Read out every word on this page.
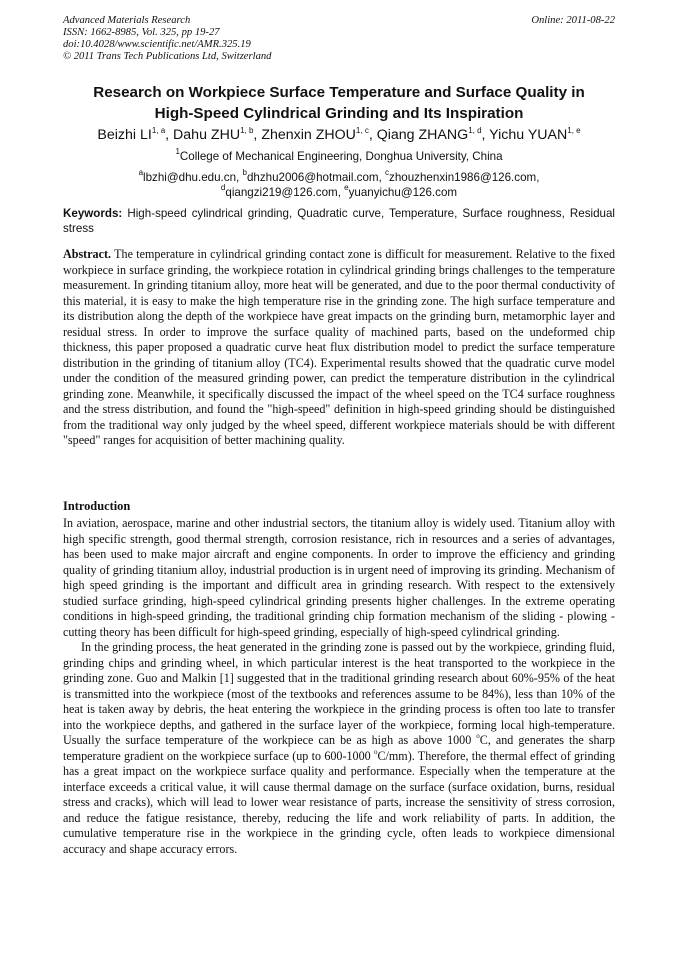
Advanced Materials Research
ISSN: 1662-8985, Vol. 325, pp 19-27
doi:10.4028/www.scientific.net/AMR.325.19
© 2011 Trans Tech Publications Ltd, Switzerland
Online: 2011-08-22
Research on Workpiece Surface Temperature and Surface Quality in
High-Speed Cylindrical Grinding and Its Inspiration
Beizhi LI$^{1, a}$, Dahu ZHU$^{1, b}$, Zhenxin ZHOU$^{1, c}$, Qiang ZHANG$^{1, d}$, Yichu YUAN$^{1, e}$
$^1$College of Mechanical Engineering, Donghua University, China
$^a$lbzhi@dhu.edu.cn, $^b$dhzhu2006@hotmail.com, $^c$zhouzhenxin1986@126.com,
$^d$qiangzi219@126.com, $^e$yuanyichu@126.com
Keywords: High-speed cylindrical grinding, Quadratic curve, Temperature, Surface roughness, Residual stress
Abstract. The temperature in cylindrical grinding contact zone is difficult for measurement. Relative to the fixed workpiece in surface grinding, the workpiece rotation in cylindrical grinding brings challenges to the temperature measurement. In grinding titanium alloy, more heat will be generated, and due to the poor thermal conductivity of this material, it is easy to make the high temperature rise in the grinding zone. The high surface temperature and its distribution along the depth of the workpiece have great impacts on the grinding burn, metamorphic layer and residual stress. In order to improve the surface quality of machined parts, based on the undeformed chip thickness, this paper proposed a quadratic curve heat flux distribution model to predict the surface temperature distribution in the grinding of titanium alloy (TC4). Experimental results showed that the quadratic curve model under the condition of the measured grinding power, can predict the temperature distribution in the cylindrical grinding zone. Meanwhile, it specifically discussed the impact of the wheel speed on the TC4 surface roughness and the stress distribution, and found the "high-speed" definition in high-speed grinding should be distinguished from the traditional way only judged by the wheel speed, different workpiece materials should be with different "speed" ranges for acquisition of better machining quality.
Introduction

In aviation, aerospace, marine and other industrial sectors, the titanium alloy is widely used. Titanium alloy with high specific strength, good thermal strength, corrosion resistance, rich in resources and a series of advantages, has been used to make major aircraft and engine components. In order to improve the efficiency and grinding quality of grinding titanium alloy, industrial production is in urgent need of improving its grinding. Mechanism of high speed grinding is the important and difficult area in grinding research. With respect to the extensively studied surface grinding, high-speed cylindrical grinding presents higher challenges. In the extreme operating conditions in high-speed grinding, the traditional grinding chip formation mechanism of the sliding - plowing - cutting theory has been difficult for high-speed grinding, especially of high-speed cylindrical grinding.

In the grinding process, the heat generated in the grinding zone is passed out by the workpiece, grinding fluid, grinding chips and grinding wheel, in which particular interest is the heat transported to the workpiece in the grinding zone. Guo and Malkin [1] suggested that in the traditional grinding research about 60%-95% of the heat is transmitted into the workpiece (most of the textbooks and references assume to be 84%), less than 10% of the heat is taken away by debris, the heat entering the workpiece in the grinding process is often too late to transfer into the workpiece depths, and gathered in the surface layer of the workpiece, forming local high-temperature. Usually the surface temperature of the workpiece can be as high as above 1000 $^o$C, and generates the sharp temperature gradient on the workpiece surface (up to 600-1000 $^o$C/mm). Therefore, the thermal effect of grinding has a great impact on the workpiece surface quality and performance. Especially when the temperature at the interface exceeds a critical value, it will cause thermal damage on the surface (surface oxidation, burns, residual stress and cracks), which will lead to lower wear resistance of parts, increase the sensitivity of stress corrosion, and reduce the fatigue resistance, thereby, reducing the life and work reliability of parts. In addition, the cumulative temperature rise in the workpiece in the grinding cycle, often leads to workpiece dimensional accuracy and shape accuracy errors.
